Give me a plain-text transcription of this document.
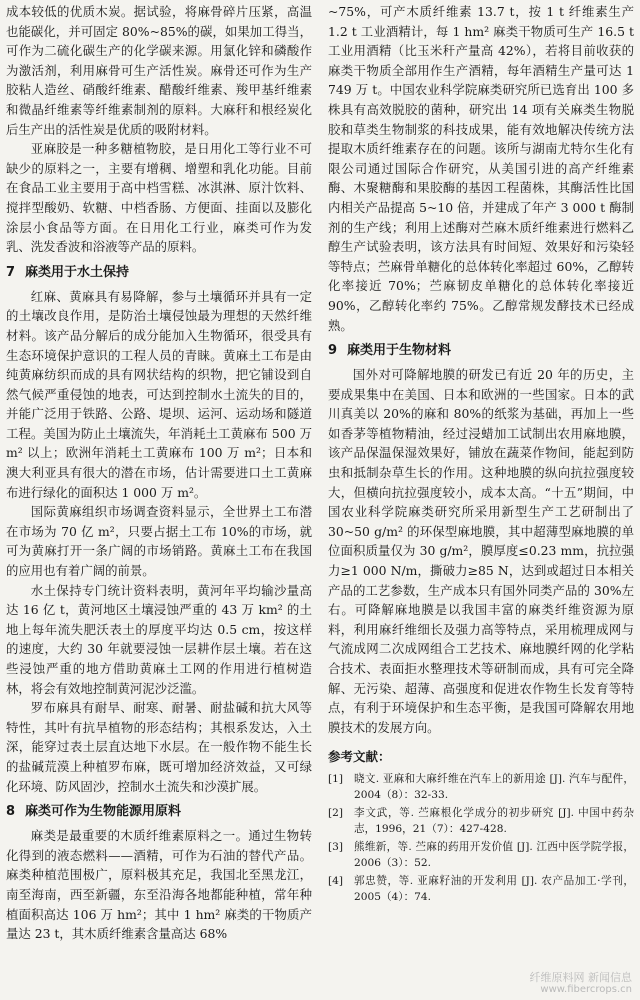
成本较低的优质木炭。据试验，将麻骨碎片压紧，高温也能碳化，并可固定 80%~85%的碳，如果加工得当，可作为二硫化碳生产的化学碳来源。用氯化锌和磷酸作为激活剂，利用麻骨可生产活性炭。麻骨还可作为生产胶粘人造丝、硝酸纤维素、醋酸纤维素、羧甲基纤维素和微晶纤维素等纤维素制剂的原料。大麻秆和根经炭化后生产出的活性炭是优质的吸附材料。

亚麻胶是一种多糖植物胶，是日用化工等行业不可缺少的原料之一，主要有增稠、增塑和乳化功能。目前在食品工业主要用于高中档雪糕、冰淇淋、原汁饮料、搅拌型酸奶、软糖、中档香肠、方便面、挂面以及膨化涂层小食品等方面。在日用化工行业，麻类可作为发乳、洗发香波和浴液等产品的原料。

7 麻类用于水土保持

红麻、黄麻具有易降解，参与土壤循环并具有一定的土壤改良作用，是防治土壤侵蚀最为理想的天然纤维材料。该产品分解后的成分能加入生物循环，很受具有生态环境保护意识的工程人员的青睐。黄麻土工布是由纯黄麻纺织而成的具有网状结构的织物，把它铺设到自然气候严重侵蚀的地表，可达到控制水土流失的目的，并能广泛用于铁路、公路、堤坝、运河、运动场和隧道工程。美国为防止土壤流失，年消耗土工黄麻布 500 万 m² 以上；欧洲年消耗土工黄麻布 100 万 m²；日本和澳大利亚具有很大的潜在市场，估计需要进口土工黄麻布进行绿化的面积达 1 000 万 m²。

国际黄麻组织市场调查资料显示，全世界土工布潜在市场为 70 亿 m²，只要占据土工布 10%的市场，就可为黄麻打开一条广阔的市场销路。黄麻土工布在我国的应用也有着广阔的前景。

水土保持专门统计资料表明，黄河年平均输沙量高达 16 亿 t，黄河地区土壤浸蚀严重的 43 万 km² 的土地上每年流失肥沃表土的厚度平均达 0.5 cm，按这样的速度，大约 30 年就要浸蚀一层耕作层土壤。若在这些浸蚀严重的地方借助黄麻土工网的作用进行植树造林，将会有效地控制黄河泥沙泛滥。

罗布麻具有耐旱、耐寒、耐暑、耐盐碱和抗大风等特性，其叶有抗旱植物的形态结构；其根系发达，入土深，能穿过表土层直达地下水层。在一般作物不能生长的盐碱荒漠上种植罗布麻，既可增加经济效益，又可绿化环境、防风固沙，控制水土流失和沙漠扩展。

8 麻类可作为生物能源用原料

麻类是最重要的木质纤维素原料之一。通过生物转化得到的液态燃料——酒精，可作为石油的替代产品。麻类种植范围极广，原料极其充足，我国北至黑龙江，南至海南，西至新疆，东至沿海各地都能种植，常年种植面积高达 106 万 hm²；其中 1 hm² 麻类的干物质产量达 23 t，其木质纤维素含量高达 68%

~75%，可产木质纤维素 13.7 t，按 1 t 纤维素生产 1.2 t 工业酒精计，每 1 hm² 麻类干物质可生产 16.5 t 工业用酒精（比玉米秆产量高 42%），若将目前收获的麻类干物质全部用作生产酒精，每年酒精生产量可达 1 749 万 t。中国农业科学院麻类研究所已选育出 100 多株具有高效脱胶的菌种，研究出 14 项有关麻类生物脱胶和草类生物制浆的科技成果，能有效地解决传统方法提取木质纤维素存在的问题。该所与湖南尤特尔生化有限公司通过国际合作研究，从美国引进的高产纤维素酶、木聚糖酶和果胶酶的基因工程菌株，其酶活性比国内相关产品提高 5~10 倍，并建成了年产 3 000 t 酶制剂的生产线；利用上述酶对苎麻木质纤维素进行燃料乙醇生产试验表明，该方法具有时间短、效果好和污染轻等特点；苎麻骨单糖化的总体转化率超过 60%，乙醇转化率接近 70%；苎麻韧皮单糖化的总体转化率接近 90%，乙醇转化率约 75%。乙醇常规发酵技术已经成熟。

9 麻类用于生物材料

国外对可降解地膜的研发已有近 20 年的历史，主要成果集中在美国、日本和欧洲的一些国家。日本的武川真美以 20%的麻和 80%的纸浆为基础，再加上一些如香茅等植物精油，经过浸蜡加工试制出农用麻地膜，该产品保温保湿效果好，铺放在蔬菜作物间，能起到防虫和抵制杂草生长的作用。这种地膜的纵向抗拉强度较大，但横向抗拉强度较小，成本太高。“十五”期间，中国农业科学院麻类研究所采用新型生产工艺研制出了 30~50 g/m² 的环保型麻地膜，其中超薄型麻地膜的单位面积质量仅为 30 g/m²，膜厚度≤0.23 mm，抗拉强力≥1 000 N/m，撕破力≥85 N，达到或超过日本相关产品的工艺参数，生产成本只有国外同类产品的 30%左右。可降解麻地膜是以我国丰富的麻类纤维资源为原料，利用麻纤维细长及强力高等特点，采用梳理成网与气流成网二次成网组合工艺技术、麻地膜纤网的化学粘合技术、表面拒水整理技术等研制而成，具有可完全降解、无污染、超薄、高强度和促进农作物生长发育等特点，有利于环境保护和生态平衡，是我国可降解农用地膜技术的发展方向。

参考文献：
[1]	晓文. 亚麻和大麻纤维在汽车上的新用途 [J]. 汽车与配件，2004（8）：32-33.
[2]	李文武，等. 苎麻根化学成分的初步研究 [J]. 中国中药杂志，1996，21（7）：427-428.
[3]	熊维新，等. 苎麻的药用开发价值 [J]. 江西中医学院学报，2006（3）：52.
[4]	郭忠赞，等. 亚麻籽油的开发利用 [J]. 农产品加工·学刊，2005（4）：74.
纤维原料网 新闻信息
www.fibercrops.cn
